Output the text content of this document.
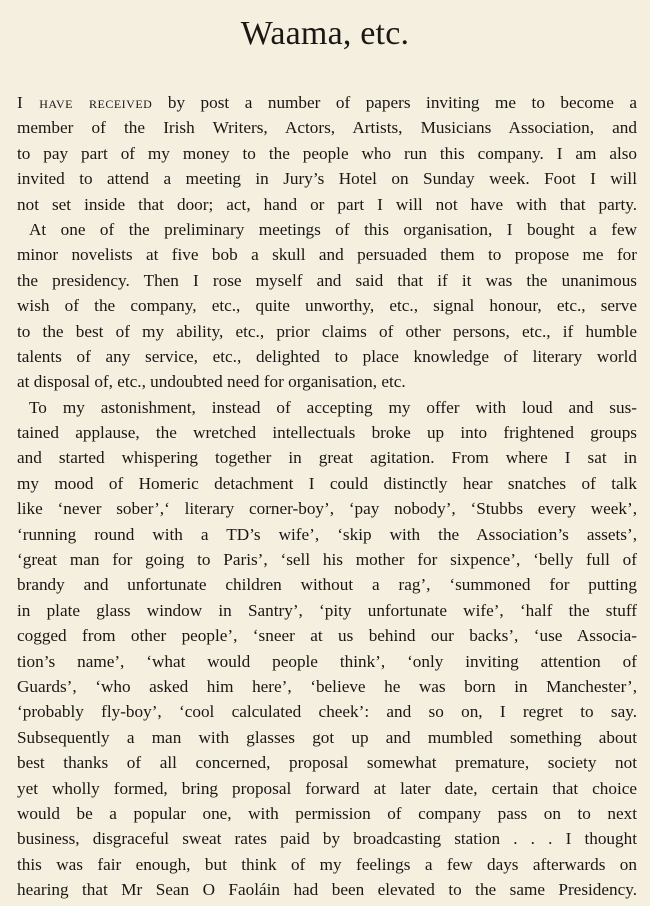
Waama, etc.
I have received by post a number of papers inviting me to become a
member of the Irish Writers, Actors, Artists, Musicians Association, and
to pay part of my money to the people who run this company. I am also
invited to attend a meeting in Jury’s Hotel on Sunday week. Foot I will
not set inside that door; act, hand or part I will not have with that party.
At one of the preliminary meetings of this organisation, I bought a few
minor novelists at five bob a skull and persuaded them to propose me for
the presidency. Then I rose myself and said that if it was the unanimous
wish of the company, etc., quite unworthy, etc., signal honour, etc., serve
to the best of my ability, etc., prior claims of other persons, etc., if humble
talents of any service, etc., delighted to place knowledge of literary world
at disposal of, etc., undoubted need for organisation, etc.
To my astonishment, instead of accepting my offer with loud and sus-
tained applause, the wretched intellectuals broke up into frightened groups
and started whispering together in great agitation. From where I sat in
my mood of Homeric detachment I could distinctly hear snatches of talk
like ‘never sober’,‘ literary corner-boy’, ‘pay nobody’, ‘Stubbs every week’,
‘running round with a TD’s wife’, ‘skip with the Association’s assets’,
‘great man for going to Paris’, ‘sell his mother for sixpence’, ‘belly full of
brandy and unfortunate children without a rag’, ‘summoned for putting
in plate glass window in Santry’, ‘pity unfortunate wife’, ‘half the stuff
cogged from other people’, ‘sneer at us behind our backs’, ‘use Associa-
tion’s name’, ‘what would people think’, ‘only inviting attention of
Guards’, ‘who asked him here’, ‘believe he was born in Manchester’,
‘probably fly-boy’, ‘cool calculated cheek’: and so on, I regret to say.
Subsequently a man with glasses got up and mumbled something about
best thanks of all concerned, proposal somewhat premature, society not
yet wholly formed, bring proposal forward at later date, certain that choice
would be a popular one, with permission of company pass on to next
business, disgraceful sweat rates paid by broadcasting station . . . I thought
this was fair enough, but think of my feelings a few days afterwards on
hearing that Mr Sean O Faoláin had been elevated to the same Presidency.
